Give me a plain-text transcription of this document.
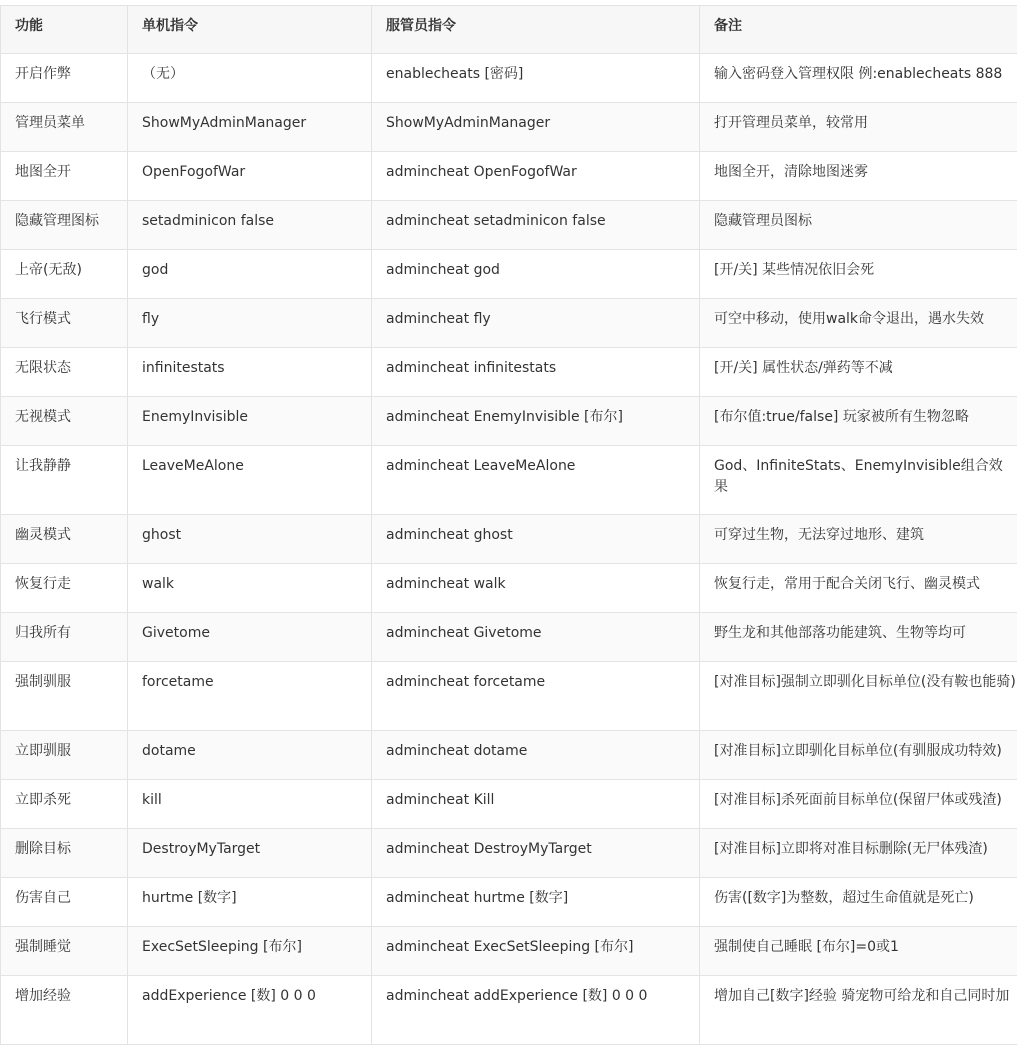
功能	单机指令	服管员指令	备注
开启作弊	（无）	enablecheats [密码]	输入密码登入管理权限 例:enablecheats 888
管理员菜单	ShowMyAdminManager	ShowMyAdminManager	打开管理员菜单，较常用
地图全开	OpenFogofWar	admincheat OpenFogofWar	地图全开，清除地图迷雾
隐藏管理图标	setadminicon false	admincheat setadminicon false	隐藏管理员图标
上帝(无敌)	god	admincheat god	[开/关] 某些情况依旧会死
飞行模式	fly	admincheat fly	可空中移动，使用walk命令退出，遇水失效
无限状态	infinitestats	admincheat infinitestats	[开/关] 属性状态/弹药等不减
无视模式	EnemyInvisible	admincheat EnemyInvisible [布尔]	[布尔值:true/false] 玩家被所有生物忽略
让我静静	LeaveMeAlone	admincheat LeaveMeAlone	God、InfiniteStats、EnemyInvisible组合效果
幽灵模式	ghost	admincheat ghost	可穿过生物，无法穿过地形、建筑
恢复行走	walk	admincheat walk	恢复行走，常用于配合关闭飞行、幽灵模式
归我所有	Givetome	admincheat Givetome	野生龙和其他部落功能建筑、生物等均可
强制驯服	forcetame	admincheat forcetame	[对准目标]强制立即驯化目标单位(没有鞍也能骑)
立即驯服	dotame	admincheat dotame	[对准目标]立即驯化目标单位(有驯服成功特效)
立即杀死	kill	admincheat Kill	[对准目标]杀死面前目标单位(保留尸体或残渣)
删除目标	DestroyMyTarget	admincheat DestroyMyTarget	[对准目标]立即将对准目标删除(无尸体残渣)
伤害自己	hurtme [数字]	admincheat hurtme [数字]	伤害([数字]为整数，超过生命值就是死亡)
强制睡觉	ExecSetSleeping [布尔]	admincheat ExecSetSleeping [布尔]	强制使自己睡眠 [布尔]=0或1
增加经验	addExperience [数] 0 0 0	admincheat addExperience [数] 0 0 0	增加自己[数字]经验 骑宠物可给龙和自己同时加
